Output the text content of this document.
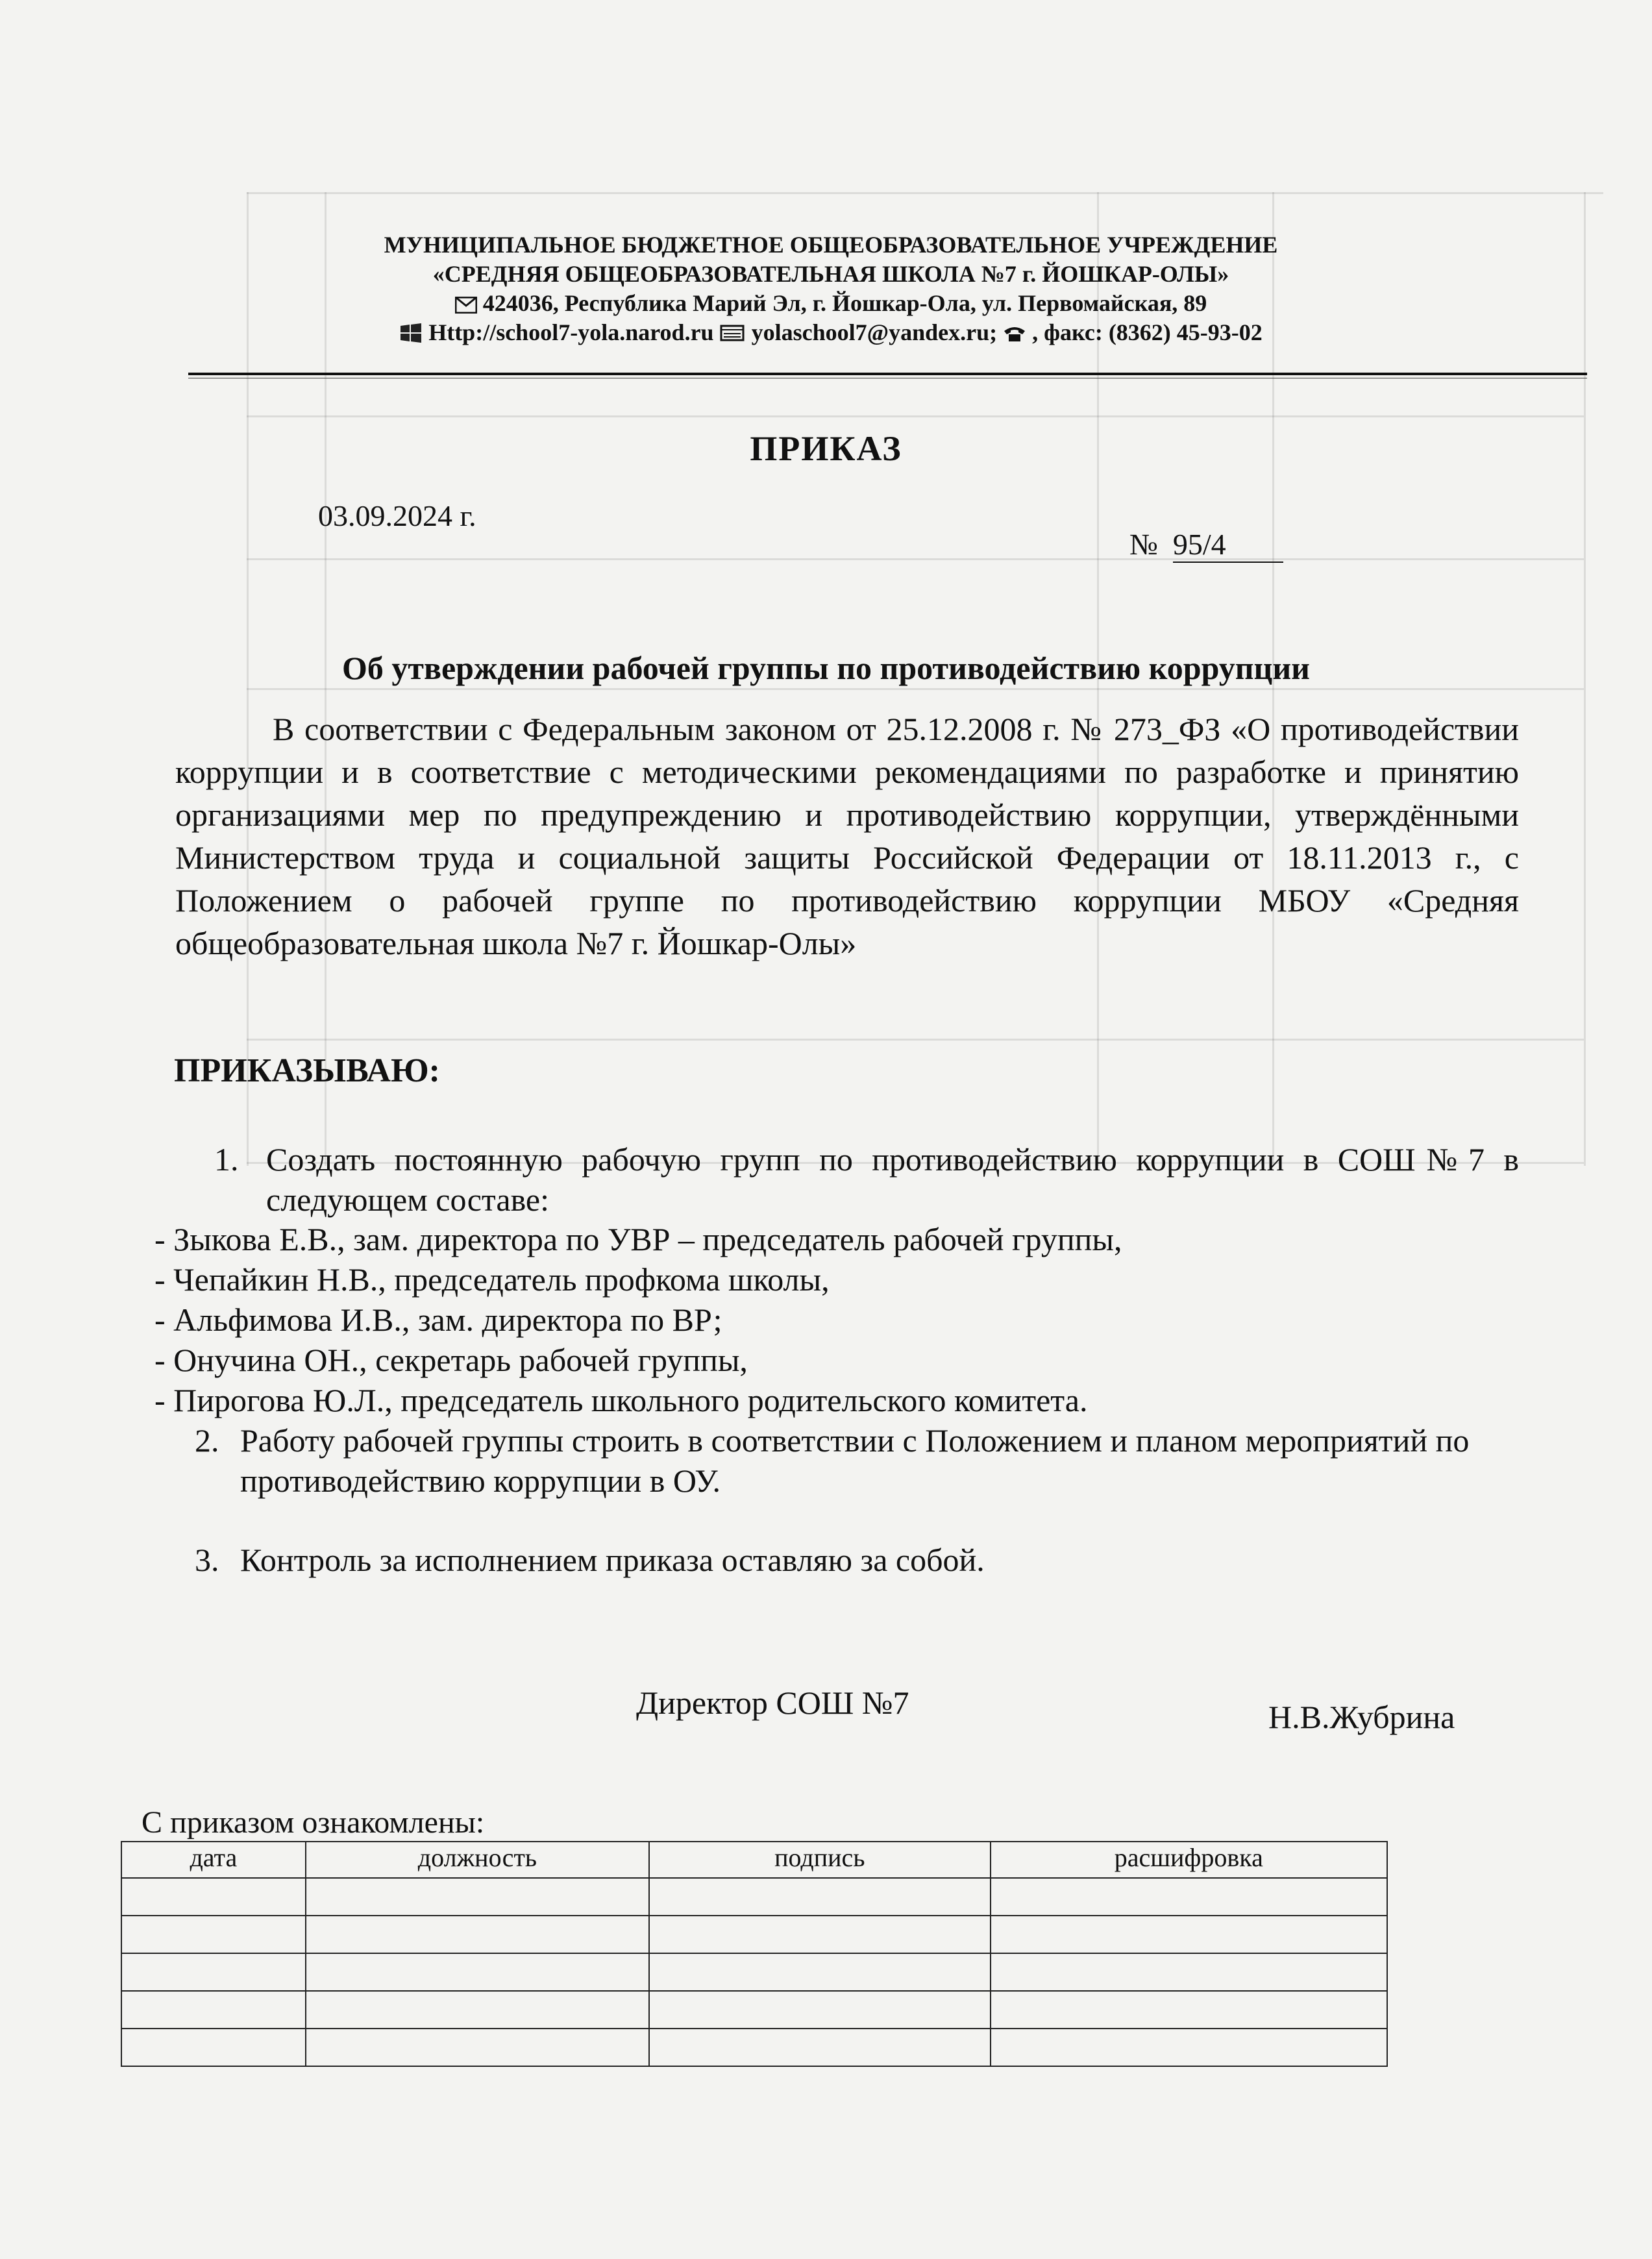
МУНИЦИПАЛЬНОЕ БЮДЖЕТНОЕ ОБЩЕОБРАЗОВАТЕЛЬНОЕ УЧРЕЖДЕНИЕ
«СРЕДНЯЯ ОБЩЕОБРАЗОВАТЕЛЬНАЯ ШКОЛА №7 г. ЙОШКАР-ОЛЫ»
424036, Республика Марий Эл, г. Йошкар-Ола, ул. Первомайская, 89
Http://school7-yola.narod.ru yolaschool7@yandex.ru; , факс: (8362) 45-93-02
ПРИКАЗ
03.09.2024 г.
№ 95/4
Об утверждении рабочей группы по противодействию коррупции
В соответствии с Федеральным законом от 25.12.2008 г. № 273_ФЗ «О противодействии коррупции и в соответствие с методическими рекомендациями по разработке и принятию организациями мер по предупреждению и противодействию коррупции, утверждёнными Министерством труда и социальной защиты Российской Федерации от 18.11.2013 г., с Положением о рабочей группе по противодействию коррупции МБОУ «Средняя общеобразовательная школа №7 г. Йошкар-Олы»
ПРИКАЗЫВАЮ:
1. Создать постоянную рабочую групп по противодействию коррупции в СОШ№7 в следующем составе:
- Зыкова Е.В., зам. директора по УВР – председатель рабочей группы,
- Чепайкин Н.В., председатель профкома школы,
- Альфимова И.В., зам. директора по ВР;
- Онучина ОН., секретарь рабочей группы,
- Пирогова Ю.Л., председатель школьного родительского комитета.
2. Работу рабочей группы строить в соответствии с Положением и планом мероприятий по противодействию коррупции в ОУ.
3. Контроль за исполнением приказа оставляю за собой.
Директор СОШ №7	Н.В.Жубрина
С приказом ознакомлены:
дата	должность	подпись	расшифровка
